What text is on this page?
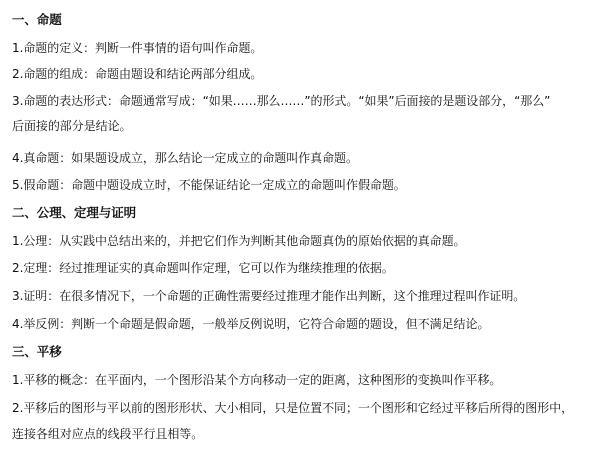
一、命题
1.命题的定义：判断一件事情的语句叫作命题。
2.命题的组成：命题由题设和结论两部分组成。
3.命题的表达形式：命题通常写成：“如果……那么……”的形式。“如果”后面接的是题设部分，“那么”
后面接的部分是结论。
4.真命题：如果题设成立，那么结论一定成立的命题叫作真命题。
5.假命题：命题中题设成立时，不能保证结论一定成立的命题叫作假命题。
二、公理、定理与证明
1.公理：从实践中总结出来的，并把它们作为判断其他命题真伪的原始依据的真命题。
2.定理：经过推理证实的真命题叫作定理，它可以作为继续推理的依据。
3.证明：在很多情况下，一个命题的正确性需要经过推理才能作出判断，这个推理过程叫作证明。
4.举反例：判断一个命题是假命题，一般举反例说明，它符合命题的题设，但不满足结论。
三、平移
1.平移的概念：在平面内，一个图形沿某个方向移动一定的距离，这种图形的变换叫作平移。
2.平移后的图形与平以前的图形形状、大小相同，只是位置不同；一个图形和它经过平移后所得的图形中，
连接各组对应点的线段平行且相等。
